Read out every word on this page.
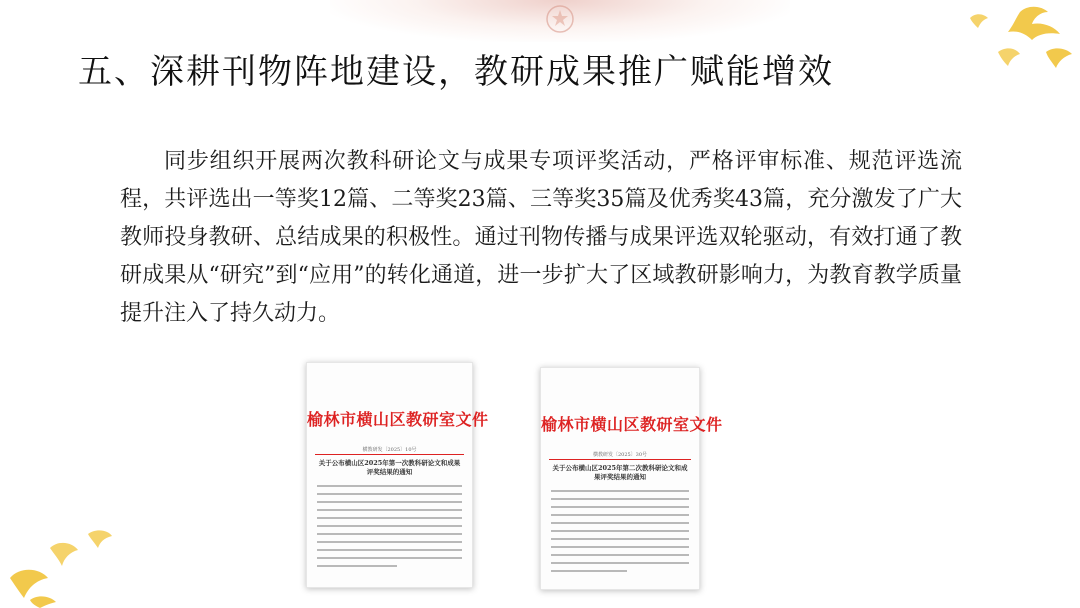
五、深耕刊物阵地建设，教研成果推广赋能增效

同步组织开展两次教科研论文与成果专项评奖活动，严格评审标准、规范评选流程，共评选出一等奖12篇、二等奖23篇、三等奖35篇及优秀奖43篇，充分激发了广大教师投身教研、总结成果的积极性。通过刊物传播与成果评选双轮驱动，有效打通了教研成果从“研究”到“应用”的转化通道，进一步扩大了区域教研影响力，为教育教学质量提升注入了持久动力。

榆林市横山区教研室文件
横教研发〔2025〕10号
关于公布横山区2025年第一次教科研论文和成果评奖结果的通知
榆林市横山区教研室文件
横教研发〔2025〕30号
关于公布横山区2025年第二次教科研论文和成果评奖结果的通知
